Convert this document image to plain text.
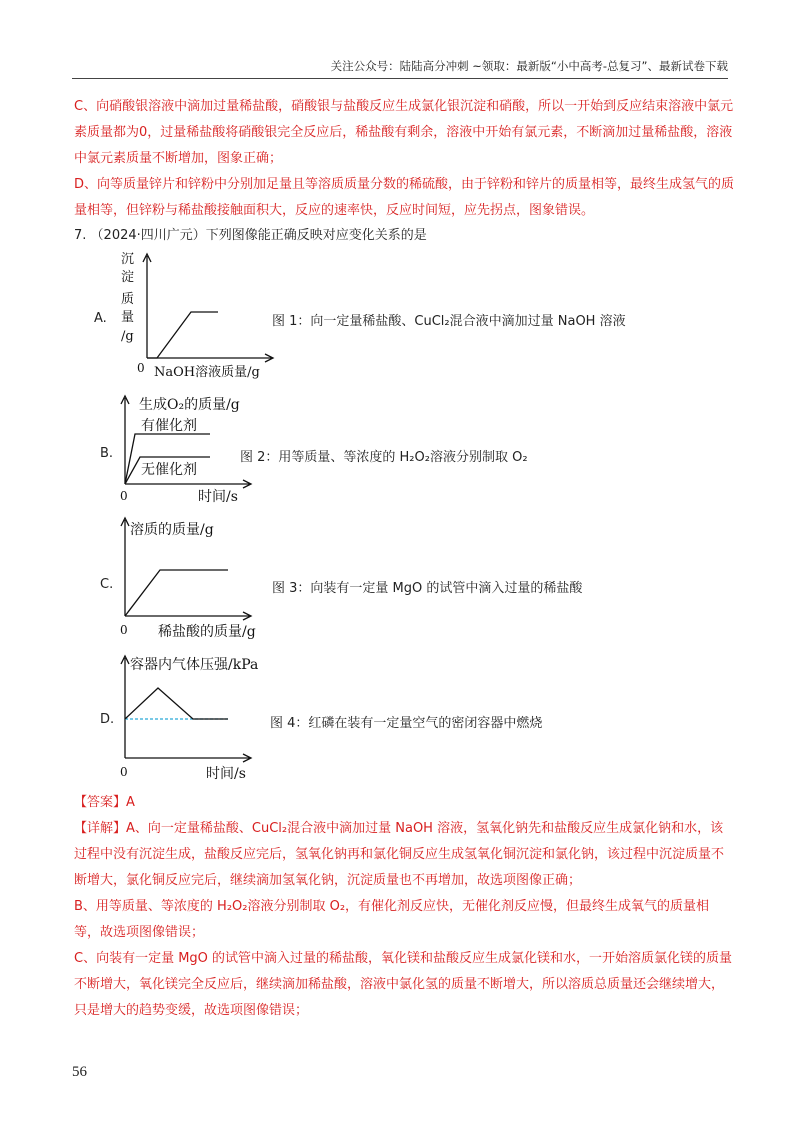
关注公众号：陆陆高分冲刺 ~领取：最新版“小中高考-总复习”、最新试卷下载

C、向硝酸银溶液中滴加过量稀盐酸，硝酸银与盐酸反应生成氯化银沉淀和硝酸，所以一开始到反应结束溶液中氯元素质量都为0，过量稀盐酸将硝酸银完全反应后，稀盐酸有剩余，溶液中开始有氯元素，不断滴加过量稀盐酸，溶液中氯元素质量不断增加，图象正确；

D、向等质量锌片和锌粉中分别加足量且等溶质质量分数的稀硫酸，由于锌粉和锌片的质量相等，最终生成氢气的质量相等，但锌粉与稀盐酸接触面积大，反应的速率快，反应时间短，应先拐点，图象错误。

7. （2024·四川广元）下列图像能正确反映对应变化关系的是

A.
沉
淀
质
量
/g
0 NaOH溶液质量/g
图 1：向一定量稀盐酸、CuCl₂混合液中滴加过量 NaOH 溶液
B.
生成O₂的质量/g
有催化剂
无催化剂
0	时间/s
图 2：用等质量、等浓度的 H₂O₂溶液分别制取 O₂
C.
溶质的质量/g
0 稀盐酸的质量/g
图 3：向装有一定量 MgO 的试管中滴入过量的稀盐酸
D.
容器内气体压强/kPa
0	时间/s
图 4：红磷在装有一定量空气的密闭容器中燃烧

【答案】A

【详解】A、向一定量稀盐酸、CuCl₂混合液中滴加过量 NaOH 溶液，氢氧化钠先和盐酸反应生成氯化钠和水，该过程中没有沉淀生成，盐酸反应完后，氢氧化钠再和氯化铜反应生成氢氧化铜沉淀和氯化钠，该过程中沉淀质量不断增大，氯化铜反应完后，继续滴加氢氧化钠，沉淀质量也不再增加，故选项图像正确；

B、用等质量、等浓度的 H₂O₂溶液分别制取 O₂，有催化剂反应快，无催化剂反应慢，但最终生成氧气的质量相等，故选项图像错误；

C、向装有一定量 MgO 的试管中滴入过量的稀盐酸，氧化镁和盐酸反应生成氯化镁和水，一开始溶质氯化镁的质量不断增大，氧化镁完全反应后，继续滴加稀盐酸，溶液中氯化氢的质量不断增大，所以溶质总质量还会继续增大，只是增大的趋势变缓，故选项图像错误；

56
